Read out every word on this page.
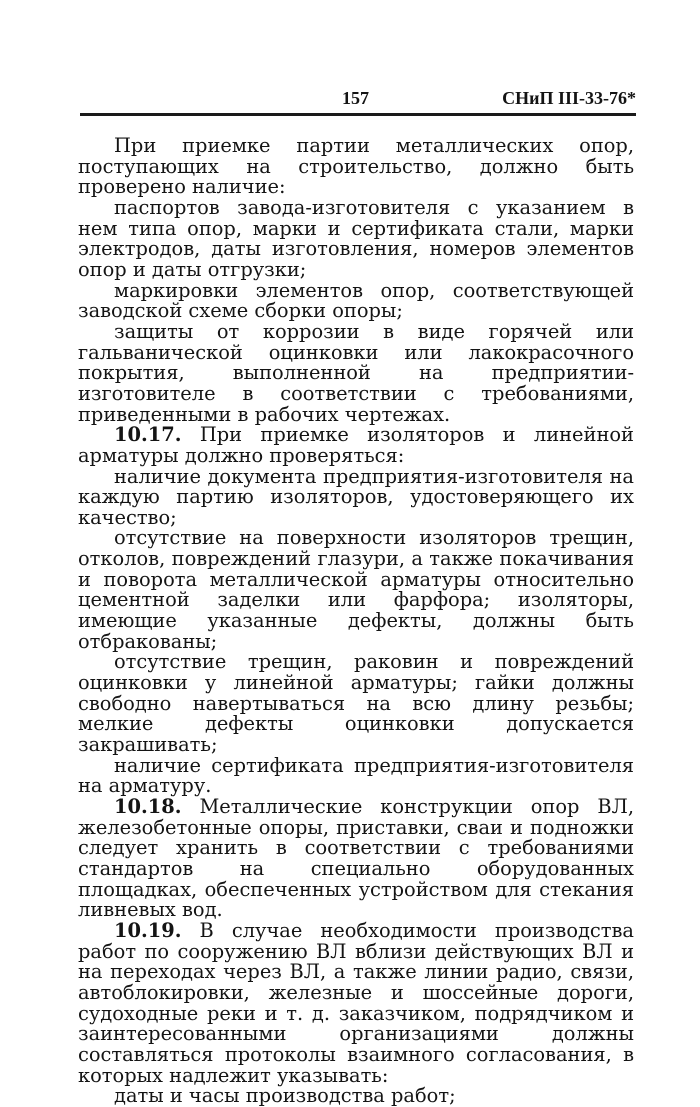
157	СНиП III-33-76*

При приемке партии металлических опор, поступающих на строительство, должно быть проверено наличие:

паспортов завода-изготовителя с указанием в нем типа опор, марки и сертификата стали, марки электродов, даты изготовления, номеров элементов опор и даты отгрузки;

маркировки элементов опор, соответствующей заводской схеме сборки опоры;

защиты от коррозии в виде горячей или гальванической оцинковки или лакокрасочного покрытия, выполненной на предприятии-изготовителе в соответствии с требованиями, приведенными в рабочих чертежах.

10.17. При приемке изоляторов и линейной арматуры должно проверяться:

наличие документа предприятия-изготовителя на каждую партию изоляторов, удостоверяющего их качество;

отсутствие на поверхности изоляторов трещин, отколов, повреждений глазури, а также покачивания и поворота металлической арматуры относительно цементной заделки или фарфора; изоляторы, имеющие указанные дефекты, должны быть отбракованы;

отсутствие трещин, раковин и повреждений оцинковки у линейной арматуры; гайки должны свободно навертываться на всю длину резьбы; мелкие дефекты оцинковки допускается закрашивать;

наличие сертификата предприятия-изготовителя на арматуру.

10.18. Металлические конструкции опор ВЛ, железобетонные опоры, приставки, сваи и подножки следует хранить в соответствии с требованиями стандартов на специально оборудованных площадках, обеспеченных устройством для стекания ливневых вод.

10.19. В случае необходимости производства работ по сооружению ВЛ вблизи действующих ВЛ и на переходах через ВЛ, а также линии радио, связи, автоблокировки, железные и шоссейные дороги, судоходные реки и т. д. заказчиком, подрядчиком и заинтересованными организациями должны составляться протоколы взаимного согласования, в которых надлежит указывать:

даты и часы производства работ;
